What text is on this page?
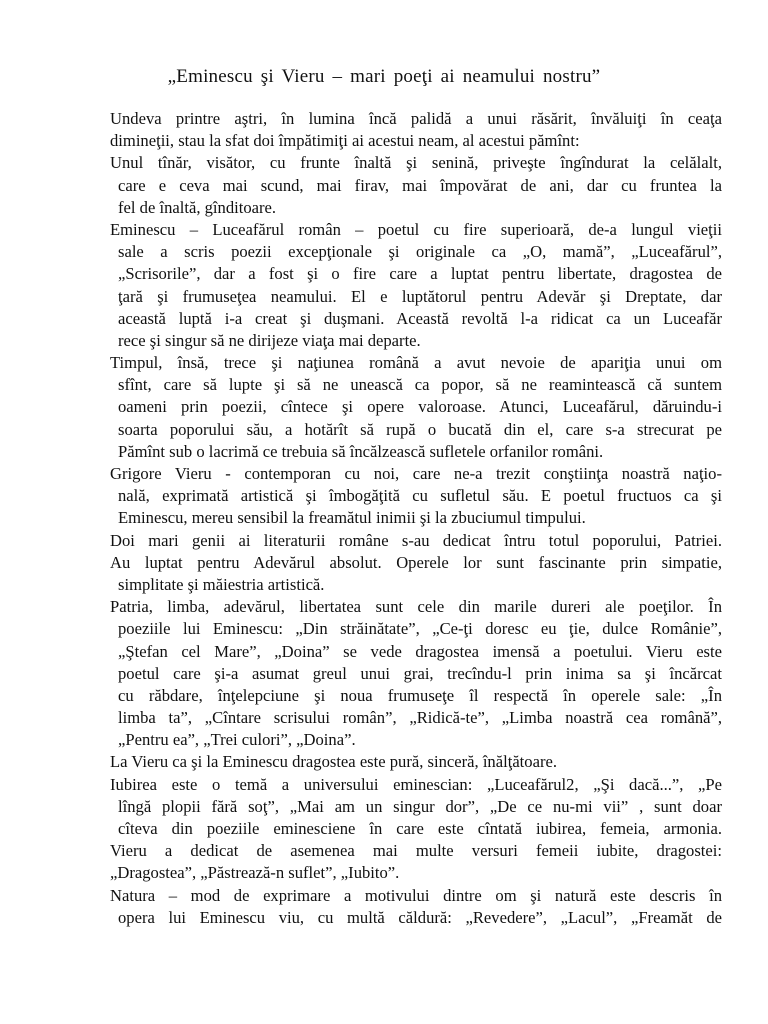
„Eminescu şi Vieru – mari poeţi ai neamului nostru”
Undeva printre aştri, în lumina încă palidă a unui răsărit, învăluiţi în ceaţa
dimineţii, stau la sfat doi împătimiţi ai acestui neam, al acestui pămînt:
Unul tînăr, visător, cu frunte înaltă şi senină, priveşte îngîndurat la celălalt,
care e ceva mai scund, mai firav, mai împovărat de ani, dar cu fruntea la
fel de înaltă, gînditoare.
Eminescu – Luceafărul român – poetul cu fire superioară, de-a lungul vieţii
sale a scris poezii excepţionale şi originale ca „O, mamă”, „Luceafărul”,
„Scrisorile”, dar a fost şi o fire care a luptat pentru libertate, dragostea de
ţară şi frumuseţea neamului. El e luptătorul pentru Adevăr şi Dreptate, dar
această luptă i-a creat şi duşmani. Această revoltă l-a ridicat ca un Luceafăr
rece şi singur să ne dirijeze viaţa mai departe.
Timpul, însă, trece şi naţiunea română a avut nevoie de apariţia unui om
sfînt, care să lupte şi să ne unească ca popor, să ne reamintească că suntem
oameni prin poezii, cîntece şi opere valoroase. Atunci, Luceafărul, dăruindu-i
soarta poporului său, a hotărît să rupă o bucată din el, care s-a strecurat pe
Pămînt sub o lacrimă ce trebuia să încălzească sufletele orfanilor români.
Grigore Vieru - contemporan cu noi, care ne-a trezit conştiinţa noastră naţio-
nală, exprimată artistică şi îmbogăţită cu sufletul său. E poetul fructuos ca şi
Eminescu, mereu sensibil la freamătul inimii şi la zbuciumul timpului.
Doi mari genii ai literaturii române s-au dedicat întru totul poporului, Patriei.
Au luptat pentru Adevărul absolut. Operele lor sunt fascinante prin simpatie,
simplitate şi măiestria artistică.
Patria, limba, adevărul, libertatea sunt cele din marile dureri ale poeţilor. În
poeziile lui Eminescu: „Din străinătate”, „Ce-ţi doresc eu ţie, dulce Românie”,
„Ştefan cel Mare”, „Doina” se vede dragostea imensă a poetului. Vieru este
poetul care şi-a asumat greul unui grai, trecîndu-l prin inima sa şi încărcat
cu răbdare, înţelepciune şi noua frumuseţe îl respectă în operele sale: „În
limba ta”, „Cîntare scrisului român”, „Ridică-te”, „Limba noastră cea română”,
„Pentru ea”, „Trei culori”, „Doina”.
La Vieru ca şi la Eminescu dragostea este pură, sinceră, înălţătoare.
Iubirea este o temă a universului eminescian: „Luceafărul2, „Şi dacă...”, „Pe
lîngă plopii fără soţ”, „Mai am un singur dor”, „De ce nu-mi vii” , sunt doar
cîteva din poeziile eminesciene în care este cîntată iubirea, femeia, armonia.
Vieru a dedicat de asemenea mai multe versuri femeii iubite, dragostei:
„Dragostea”, „Păstrează-n suflet”, „Iubito”.
Natura – mod de exprimare a motivului dintre om şi natură este descris în
opera lui Eminescu viu, cu multă căldură: „Revedere”, „Lacul”, „Freamăt de
